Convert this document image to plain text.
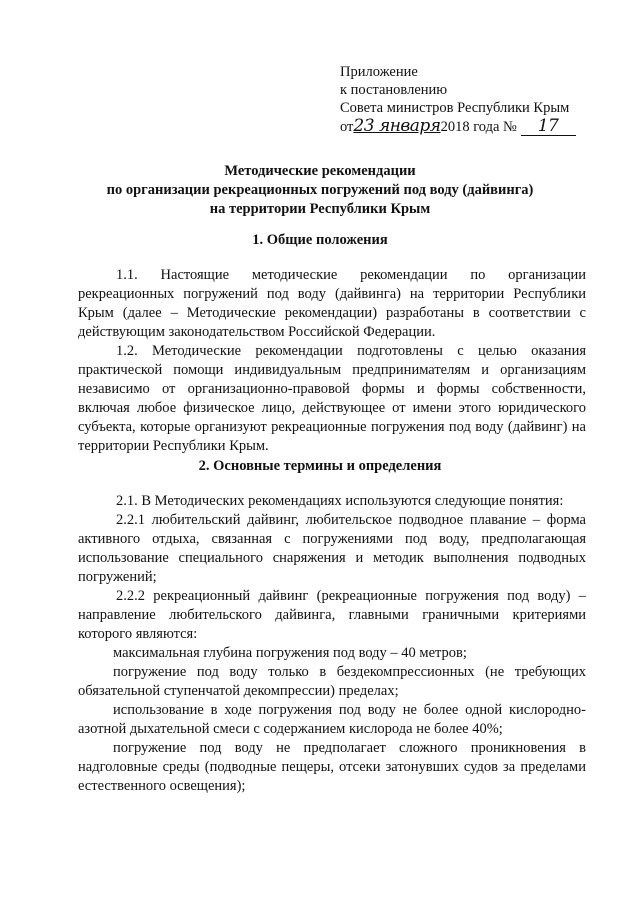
Приложение
к постановлению
Совета министров Республики Крым
от23 января2018 года № 17
Методические рекомендации
по организации рекреационных погружений под воду (дайвинга)
на территории Республики Крым
1. Общие положения

1.1. Настоящие методические рекомендации по организации рекреационных погружений под воду (дайвинга) на территории Республики Крым (далее – Методические рекомендации) разработаны в соответствии с действующим законодательством Российской Федерации.

1.2. Методические рекомендации подготовлены с целью оказания практической помощи индивидуальным предпринимателям и организациям независимо от организационно-правовой формы и формы собственности, включая любое физическое лицо, действующее от имени этого юридического субъекта, которые организуют рекреационные погружения под воду (дайвинг) на территории Республики Крым.

2. Основные термины и определения

2.1. В Методических рекомендациях используются следующие понятия:

2.2.1 любительский дайвинг, любительское подводное плавание – форма активного отдыха, связанная с погружениями под воду, предполагающая использование специального снаряжения и методик выполнения подводных погружений;

2.2.2 рекреационный дайвинг (рекреационные погружения под воду) – направление любительского дайвинга, главными граничными критериями которого являются:

максимальная глубина погружения под воду – 40 метров;

погружение под воду только в бездекомпрессионных (не требующих обязательной ступенчатой декомпрессии) пределах;

использование в ходе погружения под воду не более одной кислородно-азотной дыхательной смеси с содержанием кислорода не более 40%;

погружение под воду не предполагает сложного проникновения в надголовные среды (подводные пещеры, отсеки затонувших судов за пределами естественного освещения);
